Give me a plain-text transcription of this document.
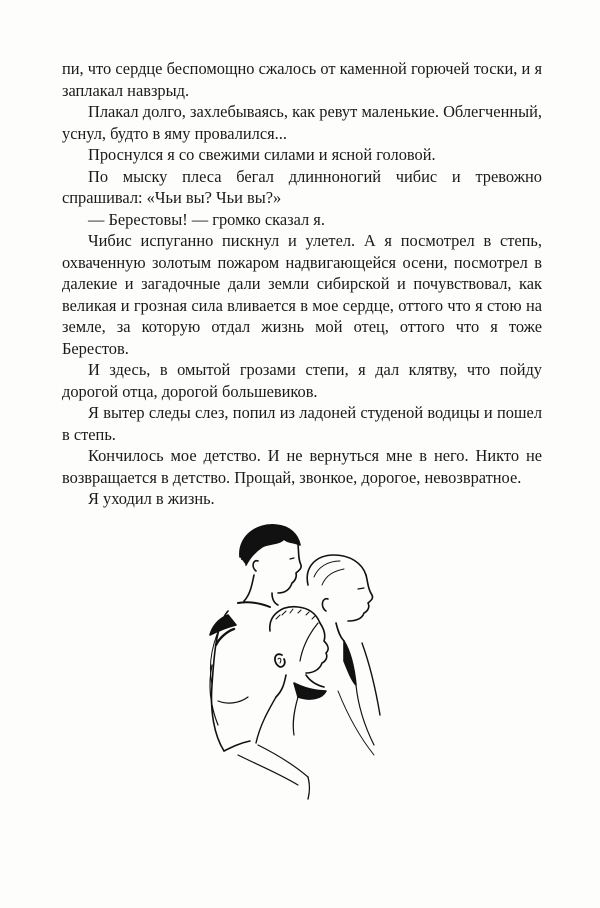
пи, что сердце беспомощно сжалось от каменной горючей тоски, и я заплакал навзрыд.

Плакал долго, захлебываясь, как ревут маленькие. Облегченный, уснул, будто в яму провалился...

Проснулся я со свежими силами и ясной головой.

По мыску плеса бегал длинноногий чибис и тревожно спрашивал: «Чьи вы? Чьи вы?»

— Берестовы! — громко сказал я.

Чибис испуганно пискнул и улетел. А я посмотрел в степь, охваченную золотым пожаром надвигающейся осени, посмотрел в далекие и загадочные дали земли сибирской и почувствовал, как великая и грозная сила вливается в мое сердце, оттого что я стою на земле, за которую отдал жизнь мой отец, оттого что я тоже Берестов.

И здесь, в омытой грозами степи, я дал клятву, что пойду дорогой отца, дорогой большевиков.

Я вытер следы слез, попил из ладоней студеной водицы и пошел в степь.

Кончилось мое детство. И не вернуться мне в него. Никто не возвращается в детство. Прощай, звонкое, дорогое, невозвратное.

Я уходил в жизнь.
